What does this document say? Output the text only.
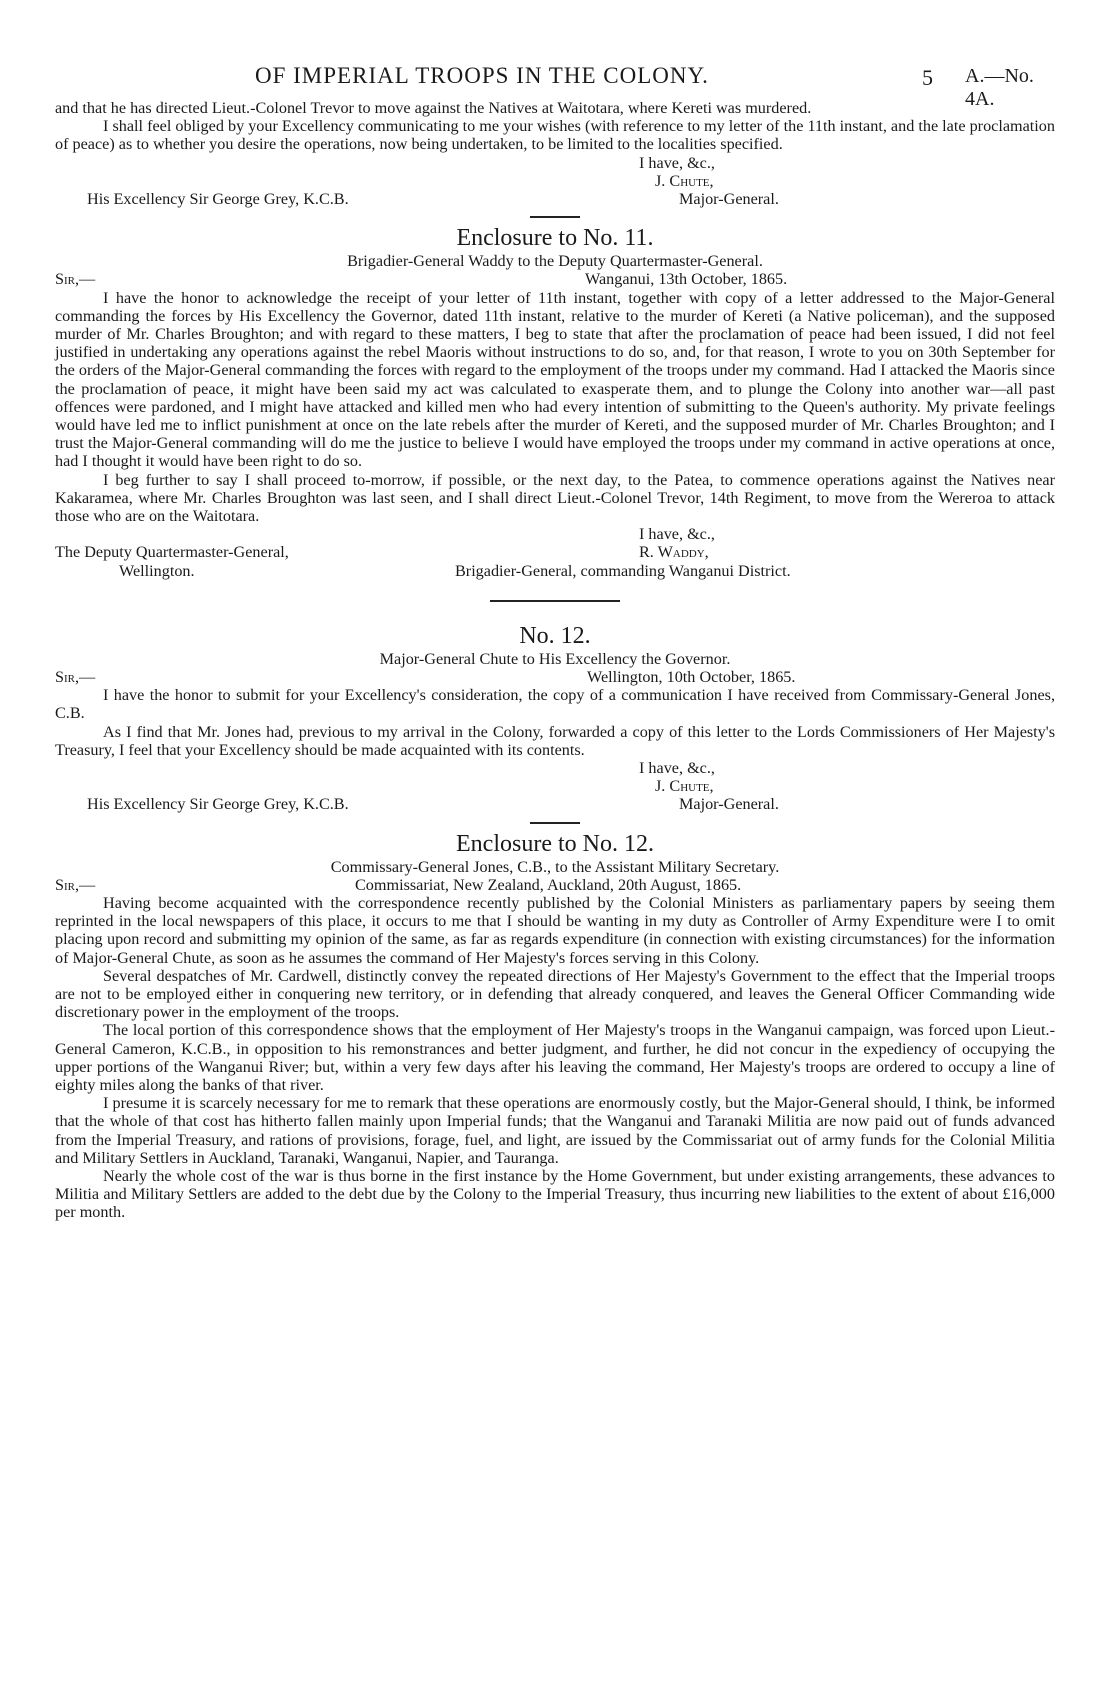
OF IMPERIAL TROOPS IN THE COLONY.	5 A.—No. 4A.

and that he has directed Lieut.-Colonel Trevor to move against the Natives at Waitotara, where Kereti was murdered.

I shall feel obliged by your Excellency communicating to me your wishes (with reference to my letter of the 11th instant, and the late proclamation of peace) as to whether you desire the operations, now being undertaken, to be limited to the localities specified.

I have, &c.,
J. Chute,
His Excellency Sir George Grey, K.C.B.	Major-General.
Enclosure to No. 11.
Brigadier-General Waddy to the Deputy Quartermaster-General.
Sir,—	Wanganui, 13th October, 1865.

I have the honor to acknowledge the receipt of your letter of 11th instant, together with copy of a letter addressed to the Major-General commanding the forces by His Excellency the Governor, dated 11th instant, relative to the murder of Kereti (a Native policeman), and the supposed murder of Mr. Charles Broughton; and with regard to these matters, I beg to state that after the proclamation of peace had been issued, I did not feel justified in undertaking any operations against the rebel Maoris without instructions to do so, and, for that reason, I wrote to you on 30th September for the orders of the Major-General commanding the forces with regard to the employment of the troops under my command. Had I attacked the Maoris since the proclamation of peace, it might have been said my act was calculated to exasperate them, and to plunge the Colony into another war—all past offences were pardoned, and I might have attacked and killed men who had every intention of submitting to the Queen's authority. My private feelings would have led me to inflict punishment at once on the late rebels after the murder of Kereti, and the supposed murder of Mr. Charles Broughton; and I trust the Major-General commanding will do me the justice to believe I would have employed the troops under my command in active operations at once, had I thought it would have been right to do so.

I beg further to say I shall proceed to-morrow, if possible, or the next day, to the Patea, to commence operations against the Natives near Kakaramea, where Mr. Charles Broughton was last seen, and I shall direct Lieut.-Colonel Trevor, 14th Regiment, to move from the Wereroa to attack those who are on the Waitotara.

I have, &c.,
The Deputy Quartermaster-General,	R. Waddy,
Wellington.	Brigadier-General, commanding Wanganui District.
No. 12.
Major-General Chute to His Excellency the Governor.
Sir,—	Wellington, 10th October, 1865.

I have the honor to submit for your Excellency's consideration, the copy of a communication I have received from Commissary-General Jones, C.B.

As I find that Mr. Jones had, previous to my arrival in the Colony, forwarded a copy of this letter to the Lords Commissioners of Her Majesty's Treasury, I feel that your Excellency should be made acquainted with its contents.

I have, &c.,
J. Chute,
His Excellency Sir George Grey, K.C.B.	Major-General.
Enclosure to No. 12.
Commissary-General Jones, C.B., to the Assistant Military Secretary.
Sir,—	Commissariat, New Zealand, Auckland, 20th August, 1865.

Having become acquainted with the correspondence recently published by the Colonial Ministers as parliamentary papers by seeing them reprinted in the local newspapers of this place, it occurs to me that I should be wanting in my duty as Controller of Army Expenditure were I to omit placing upon record and submitting my opinion of the same, as far as regards expenditure (in connection with existing circumstances) for the information of Major-General Chute, as soon as he assumes the command of Her Majesty's forces serving in this Colony.

Several despatches of Mr. Cardwell, distinctly convey the repeated directions of Her Majesty's Government to the effect that the Imperial troops are not to be employed either in conquering new territory, or in defending that already conquered, and leaves the General Officer Commanding wide discretionary power in the employment of the troops.

The local portion of this correspondence shows that the employment of Her Majesty's troops in the Wanganui campaign, was forced upon Lieut.-General Cameron, K.C.B., in opposition to his remonstrances and better judgment, and further, he did not concur in the expediency of occupying the upper portions of the Wanganui River; but, within a very few days after his leaving the command, Her Majesty's troops are ordered to occupy a line of eighty miles along the banks of that river.

I presume it is scarcely necessary for me to remark that these operations are enormously costly, but the Major-General should, I think, be informed that the whole of that cost has hitherto fallen mainly upon Imperial funds; that the Wanganui and Taranaki Militia are now paid out of funds advanced from the Imperial Treasury, and rations of provisions, forage, fuel, and light, are issued by the Commissariat out of army funds for the Colonial Militia and Military Settlers in Auckland, Taranaki, Wanganui, Napier, and Tauranga.

Nearly the whole cost of the war is thus borne in the first instance by the Home Government, but under existing arrangements, these advances to Militia and Military Settlers are added to the debt due by the Colony to the Imperial Treasury, thus incurring new liabilities to the extent of about £16,000 per month.
